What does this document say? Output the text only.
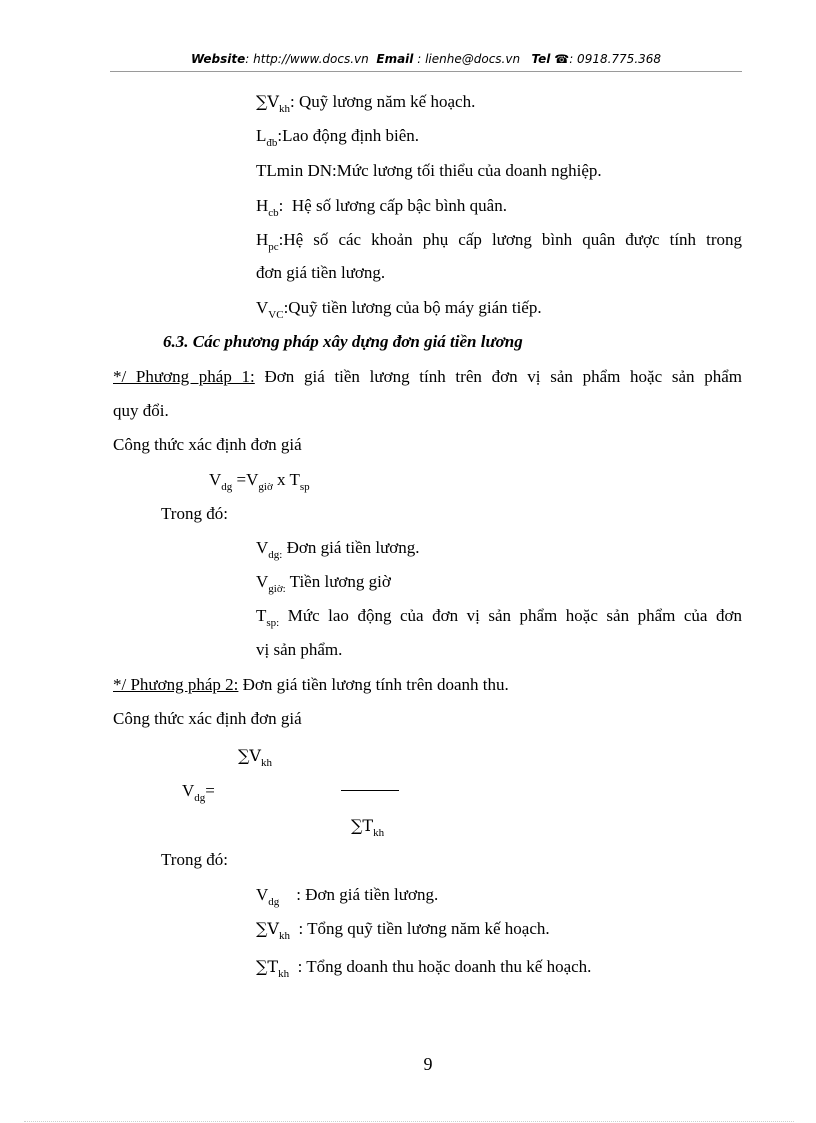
Website: http://www.docs.vn Email : lienhe@docs.vn Tel ☎: 0918.775.368
$\sum V_{kh}$: Quỹ lương năm kế hoạch.
$L_{đb}:Lao$ động định biên.
TLmin DN:Mức lương tối thiểu của doanh nghiệp.
$H_{cb}$:  Hệ số lương cấp bậc bình quân.
$H_{pc}:Hệ$ số các khoản phụ cấp lương bình quân được tính trong
đơn giá tiền lương.
$V_{VC}:Quỹ$ tiền lương của bộ máy gián tiếp.
6.3. Các phương pháp xây dựng đơn giá tiền lương
*/ Phương pháp 1: Đơn giá tiền lương tính trên đơn vị sản phẩm hoặc sản phẩm
quy đổi.
Công thức xác định đơn giá
$V_{dg} =V_{giờ}$ x $T_{sp}$
Trong đó:
$V_{dg:}$ Đơn giá tiền lương.
$V_{giờ:}$ Tiền lương giờ
$T_{sp:}$ Mức lao động của đơn vị sản phẩm hoặc sản phẩm của đơn
vị sản phẩm.
*/ Phương pháp 2: Đơn giá tiền lương tính trên doanh thu.
Công thức xác định đơn giá
$\sum V_{kh}$
$V_{dg}=$
$\sum T_{kh}$
Trong đó:
$V_{dg}$    : Đơn giá tiền lương.
$\sum V_{kh}$  : Tổng quỹ tiền lương năm kế hoạch.
$\sum T_{kh}$  : Tổng doanh thu hoặc doanh thu kế hoạch.
9
